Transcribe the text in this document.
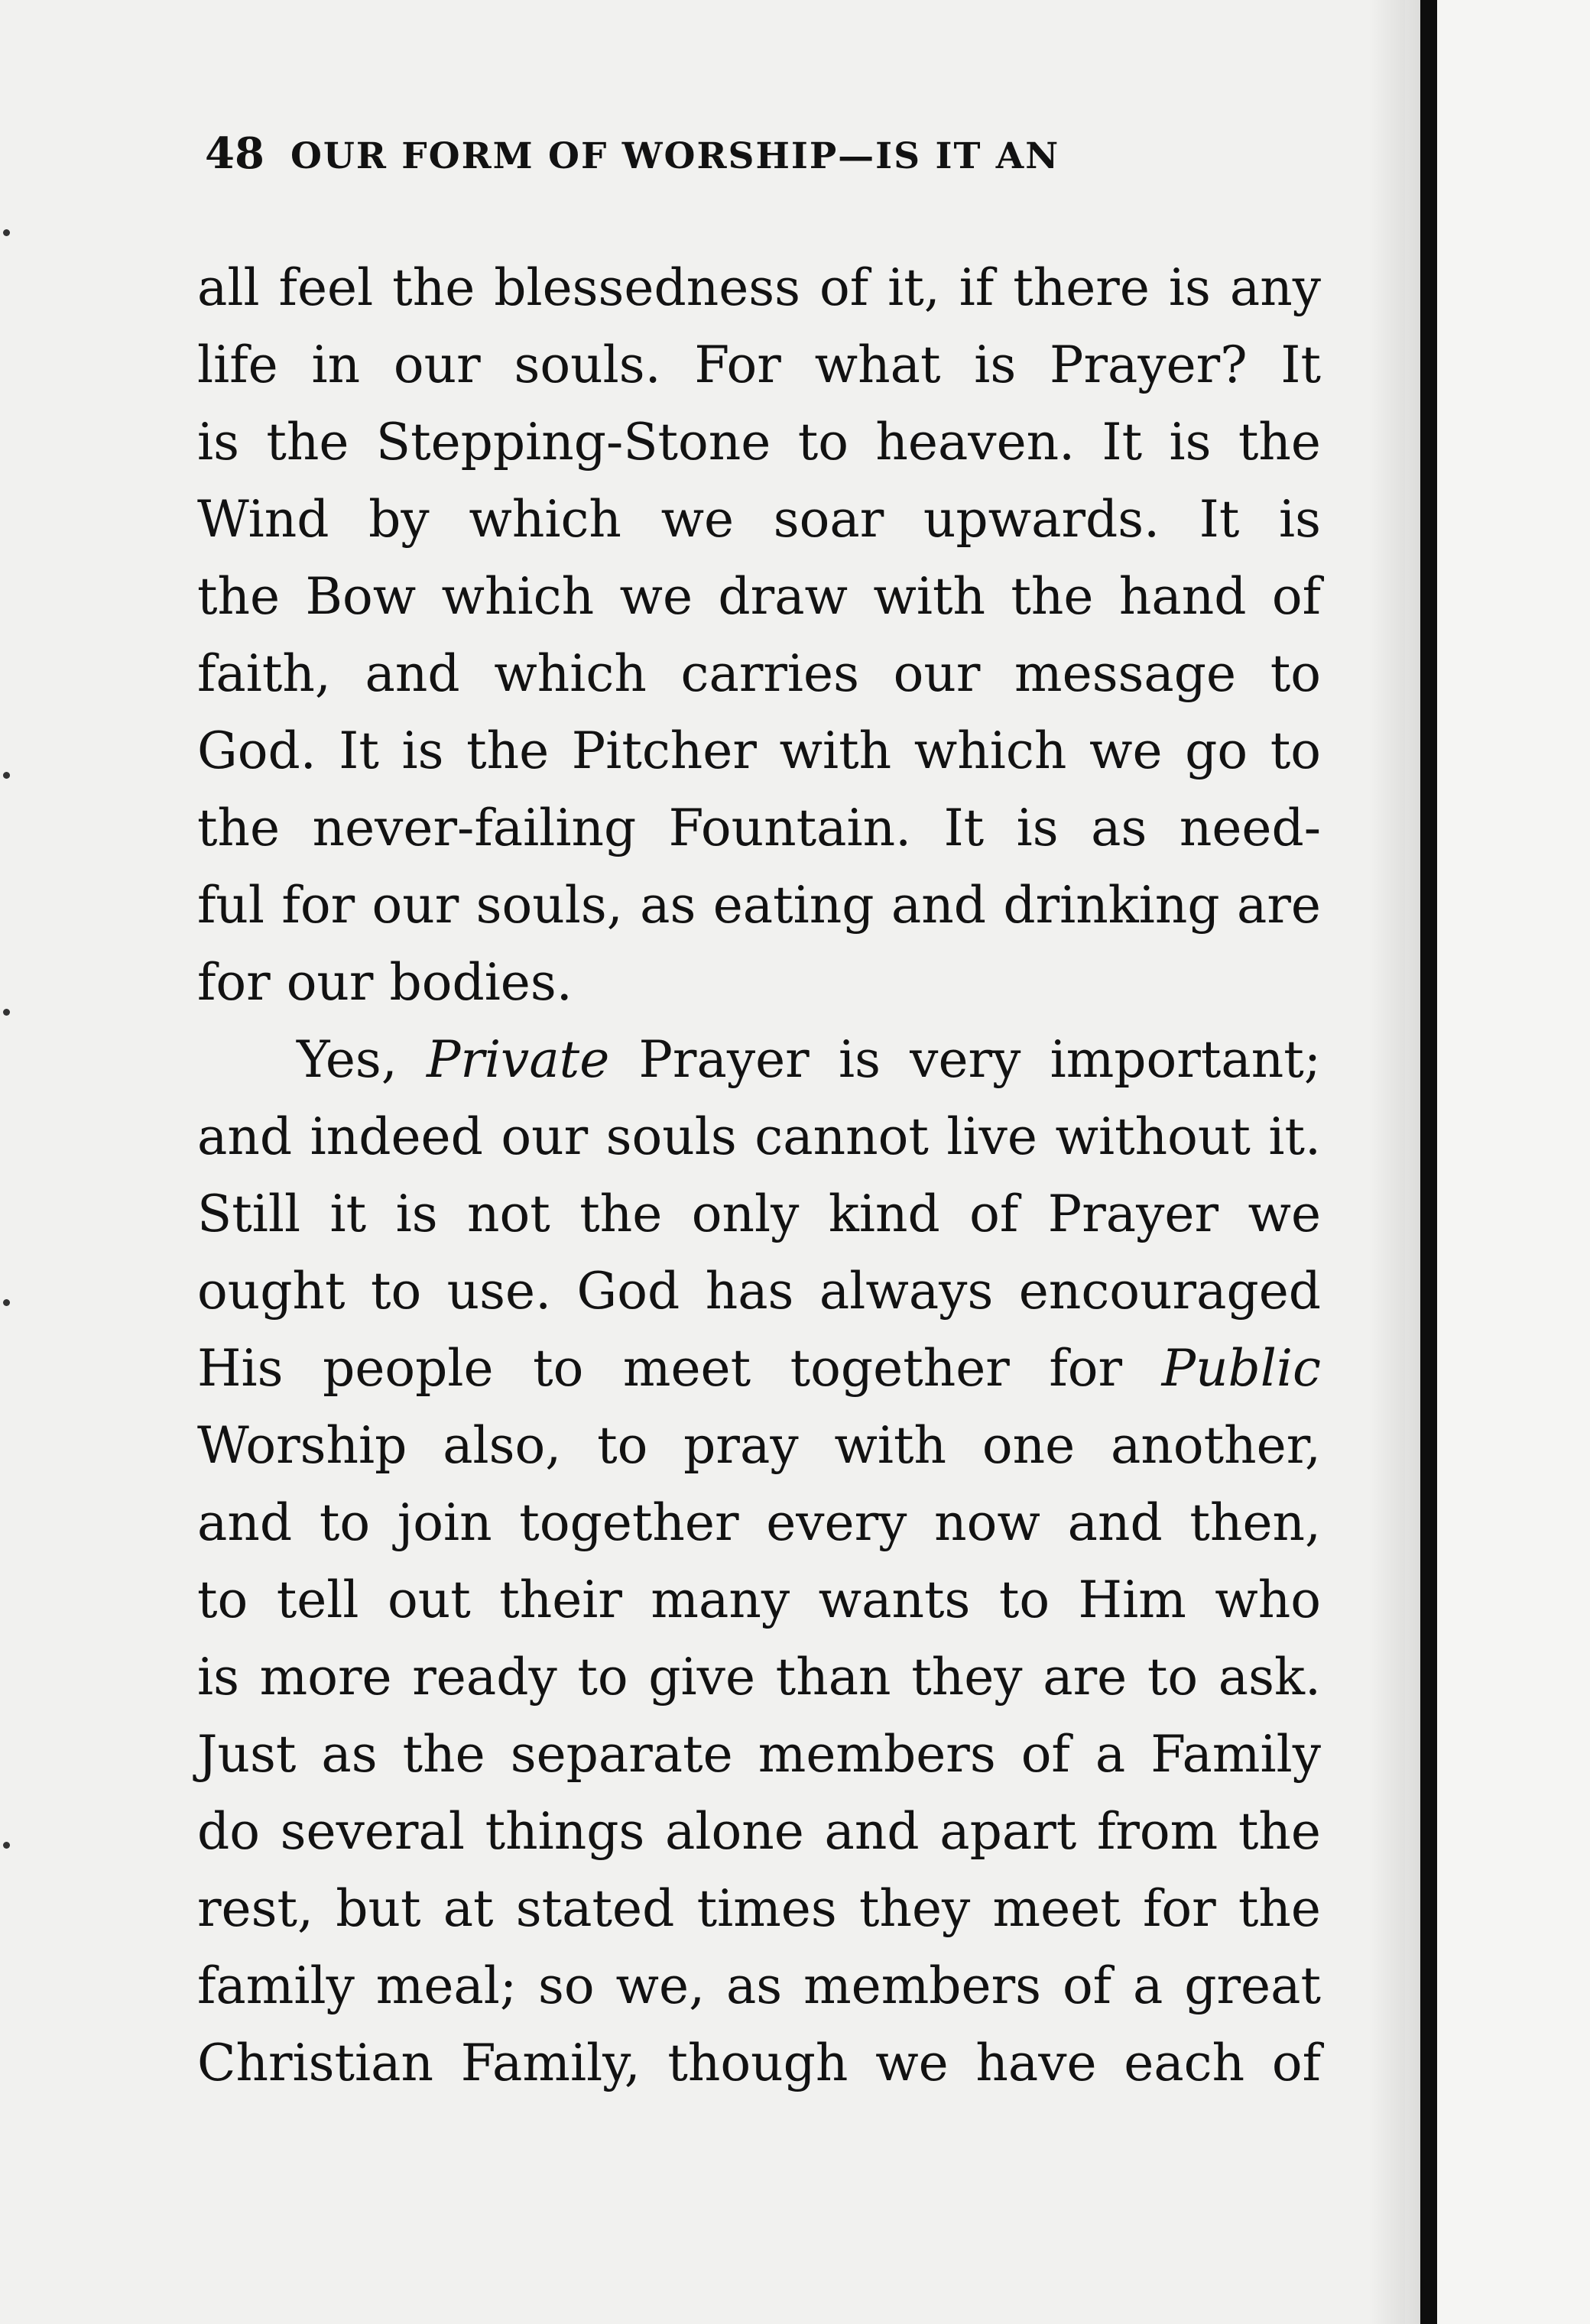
48 OUR FORM OF WORSHIP—IS IT AN
all feel the blessedness of it, if there is any
life in our souls. For what is Prayer? It
is the Stepping-Stone to heaven. It is the
Wind by which we soar upwards. It is
the Bow which we draw with the hand of
faith, and which carries our message to
God. It is the Pitcher with which we go to
the never-failing Fountain. It is as need-
ful for our souls, as eating and drinking are
for our bodies.
Yes, Private Prayer is very important;
and indeed our souls cannot live without it.
Still it is not the only kind of Prayer we
ought to use. God has always encouraged
His people to meet together for Public
Worship also, to pray with one another,
and to join together every now and then,
to tell out their many wants to Him who
is more ready to give than they are to ask.
Just as the separate members of a Family
do several things alone and apart from the
rest, but at stated times they meet for the
family meal; so we, as members of a great
Christian Family, though we have each of
